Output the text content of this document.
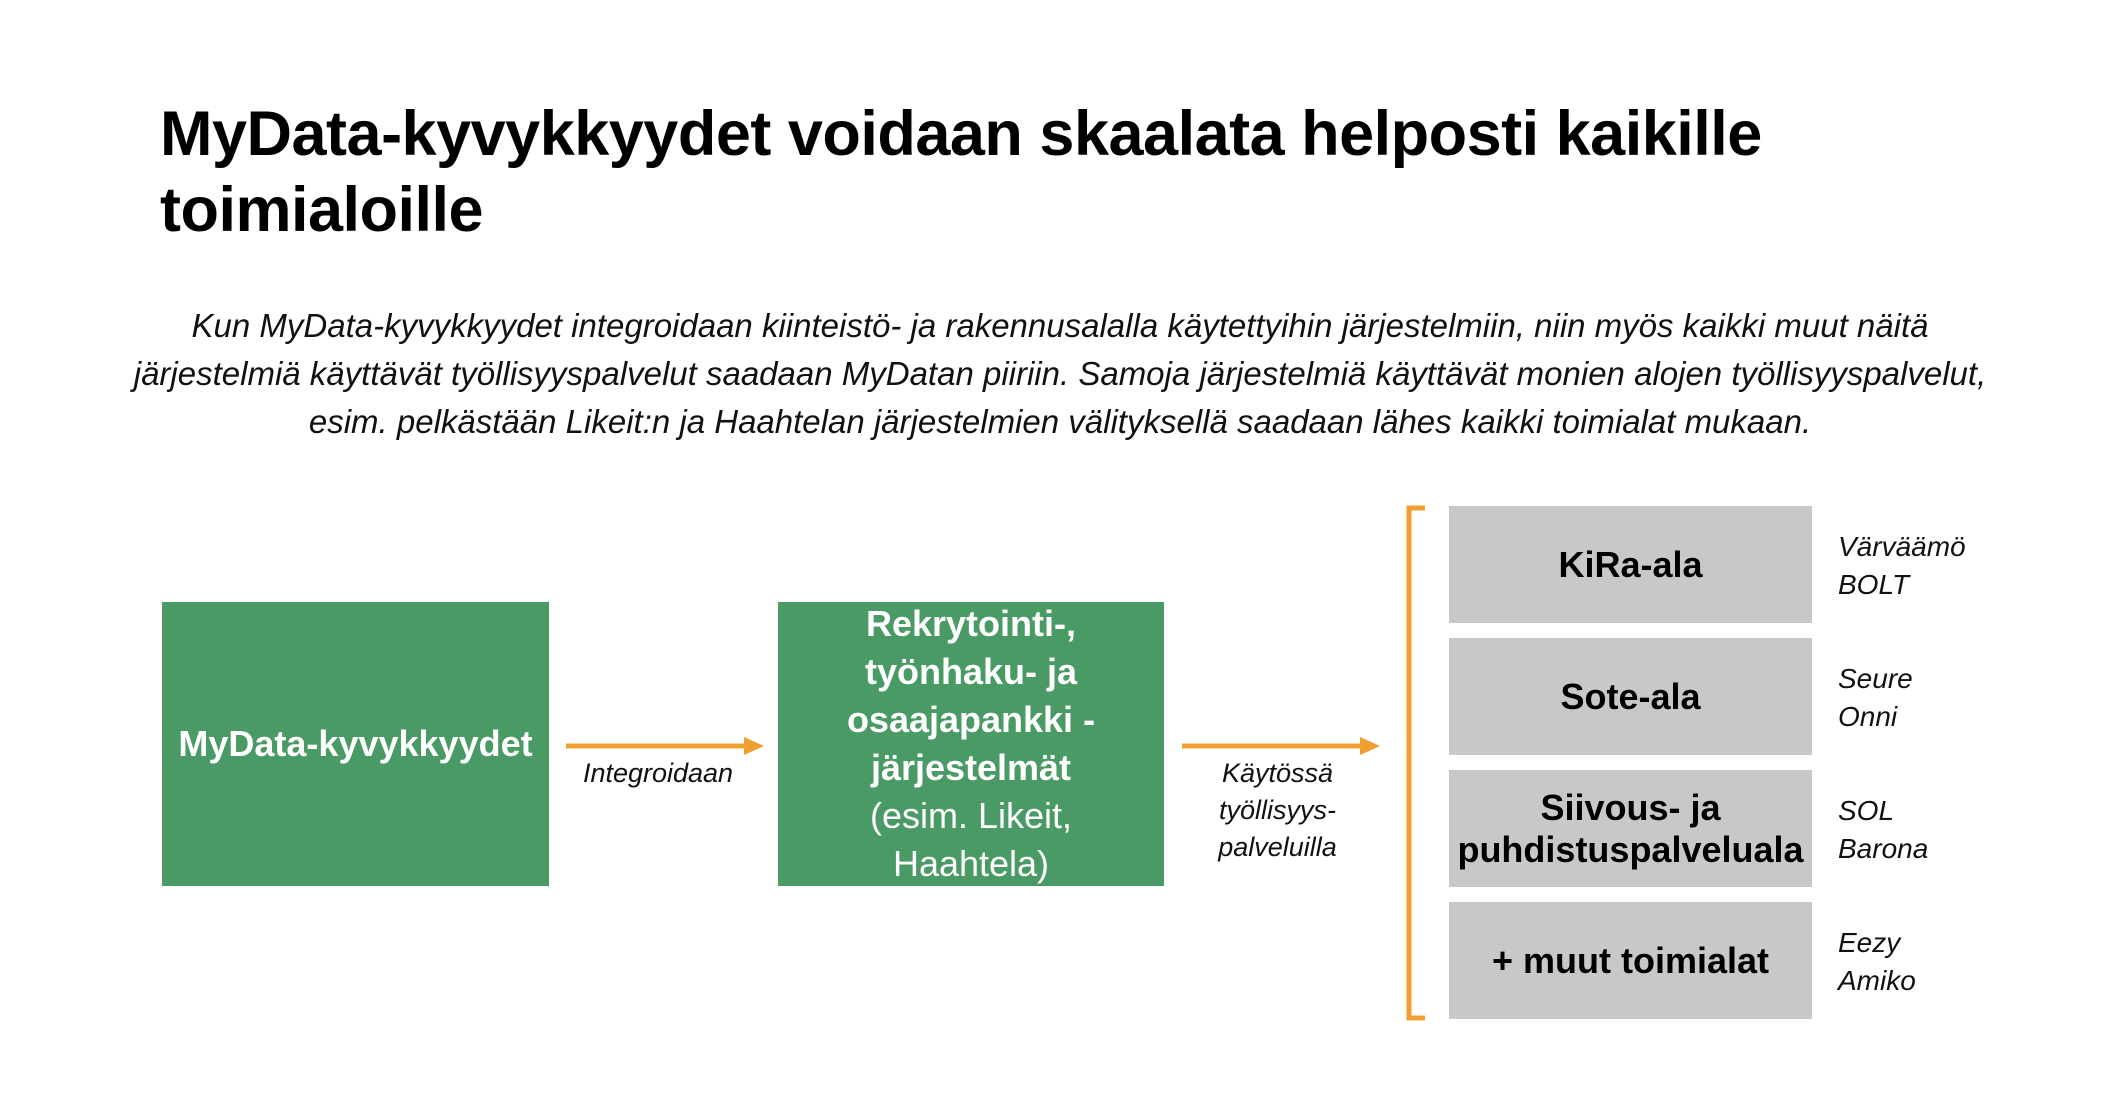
MyData-kyvykkyydet voidaan skaalata helposti kaikille toimialoille

Kun MyData-kyvykkyydet integroidaan kiinteistö- ja rakennusalalla käytettyihin järjestelmiin, niin myös kaikki muut näitä järjestelmiä käyttävät työllisyyspalvelut saadaan MyDatan piiriin. Samoja järjestelmiä käyttävät monien alojen työllisyyspalvelut, esim. pelkästään Likeit:n ja Haahtelan järjestelmien välityksellä saadaan lähes kaikki toimialat mukaan.

MyData-kyvykkyydet
Integroidaan
Rekrytointi-,
työnhaku- ja
osaajapankki -
järjestelmät
(esim. Likeit, Haahtela)
Käytössä
työllisyys-
palveluilla
KiRa-ala
Sote-ala
Siivous- ja
puhdistuspalveluala
+ muut toimialat
Värväämö
BOLT
Seure
Onni
SOL
Barona
Eezy
Amiko
